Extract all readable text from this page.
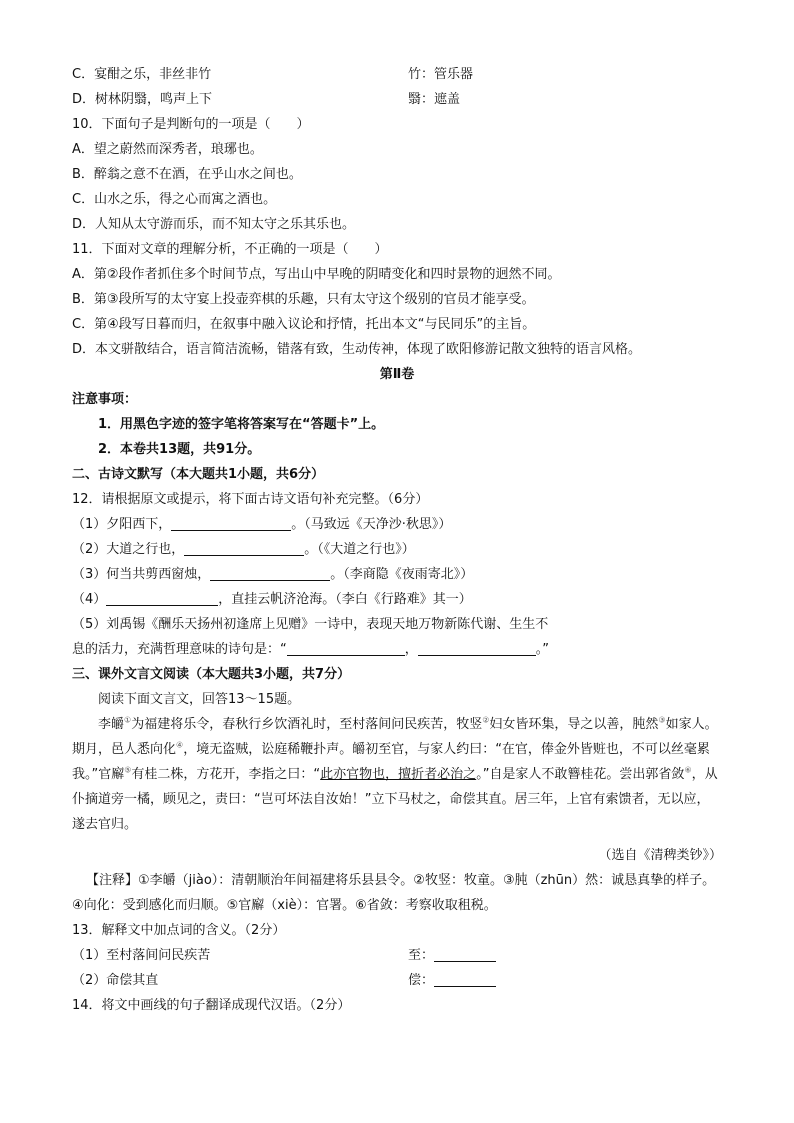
C．宴酣之乐，非丝非竹	竹：管乐器
D．树林阴翳，鸣声上下	翳：遮盖
10．下面句子是判断句的一项是（　　）
A．望之蔚然而深秀者，琅琊也。
B．醉翁之意不在酒，在乎山水之间也。
C．山水之乐，得之心而寓之酒也。
D．人知从太守游而乐，而不知太守之乐其乐也。
11．下面对文章的理解分析，不正确的一项是（　　）
A．第②段作者抓住多个时间节点，写出山中早晚的阴晴变化和四时景物的迥然不同。
B．第③段所写的太守宴上投壶弈棋的乐趣，只有太守这个级别的官员才能享受。
C．第④段写日暮而归，在叙事中融入议论和抒情，托出本文“与民同乐”的主旨。
D．本文骈散结合，语言简洁流畅，错落有致，生动传神，体现了欧阳修游记散文独特的语言风格。
第Ⅱ卷
注意事项：
1．用黑色字迹的签字笔将答案写在“答题卡”上。
2．本卷共13题，共91分。
二、古诗文默写（本大题共1小题，共6分）
12．请根据原文或提示，将下面古诗文语句补充完整。（6分）
（1）夕阳西下，	。（马致远《天净沙·秋思》）
（2）大道之行也，	。（《大道之行也》）
（3）何当共剪西窗烛，	。（李商隐《夜雨寄北》）
（4）	，直挂云帆济沧海。（李白《行路难》其一）
（5）刘禹锡《酬乐天扬州初逢席上见赠》一诗中，表现天地万物新陈代谢、生生不
息的活力，充满哲理意味的诗句是：“	，	。”
三、课外文言文阅读（本大题共3小题，共7分）
阅读下面文言文，回答13～15题。
李皭①为福建将乐令，春秋行乡饮酒礼时，至村落间问民疾苦，牧竖②妇女皆环集，导之以善，肫然③如家人。期月，邑人悉向化④，境无盗贼，讼庭稀鞭扑声。皭初至官，与家人约曰：“在官，俸金外皆赃也，不可以丝毫累我。”官廨⑤有桂二株，方花开，李指之曰：“此亦官物也，擅折者必治之。”自是家人不敢簪桂花。尝出郭省敛⑥，从仆摘道旁一橘，顾见之，责曰：“岂可坏法自汝始！”立下马杖之，命偿其直。居三年，上官有索馈者，无以应，遂去官归。
（选自《清稗类钞》）
【注释】①李皭（jiào）：清朝顺治年间福建将乐县县令。②牧竖：牧童。③肫（zhūn）然：诚恳真挚的样子。④向化：受到感化而归顺。⑤官廨（xiè）：官署。⑥省敛：考察收取租税。
13．解释文中加点词的含义。（2分）
（1）至村落间问民疾苦	至：
（2）命偿其直	偿：
14．将文中画线的句子翻译成现代汉语。（2分）
